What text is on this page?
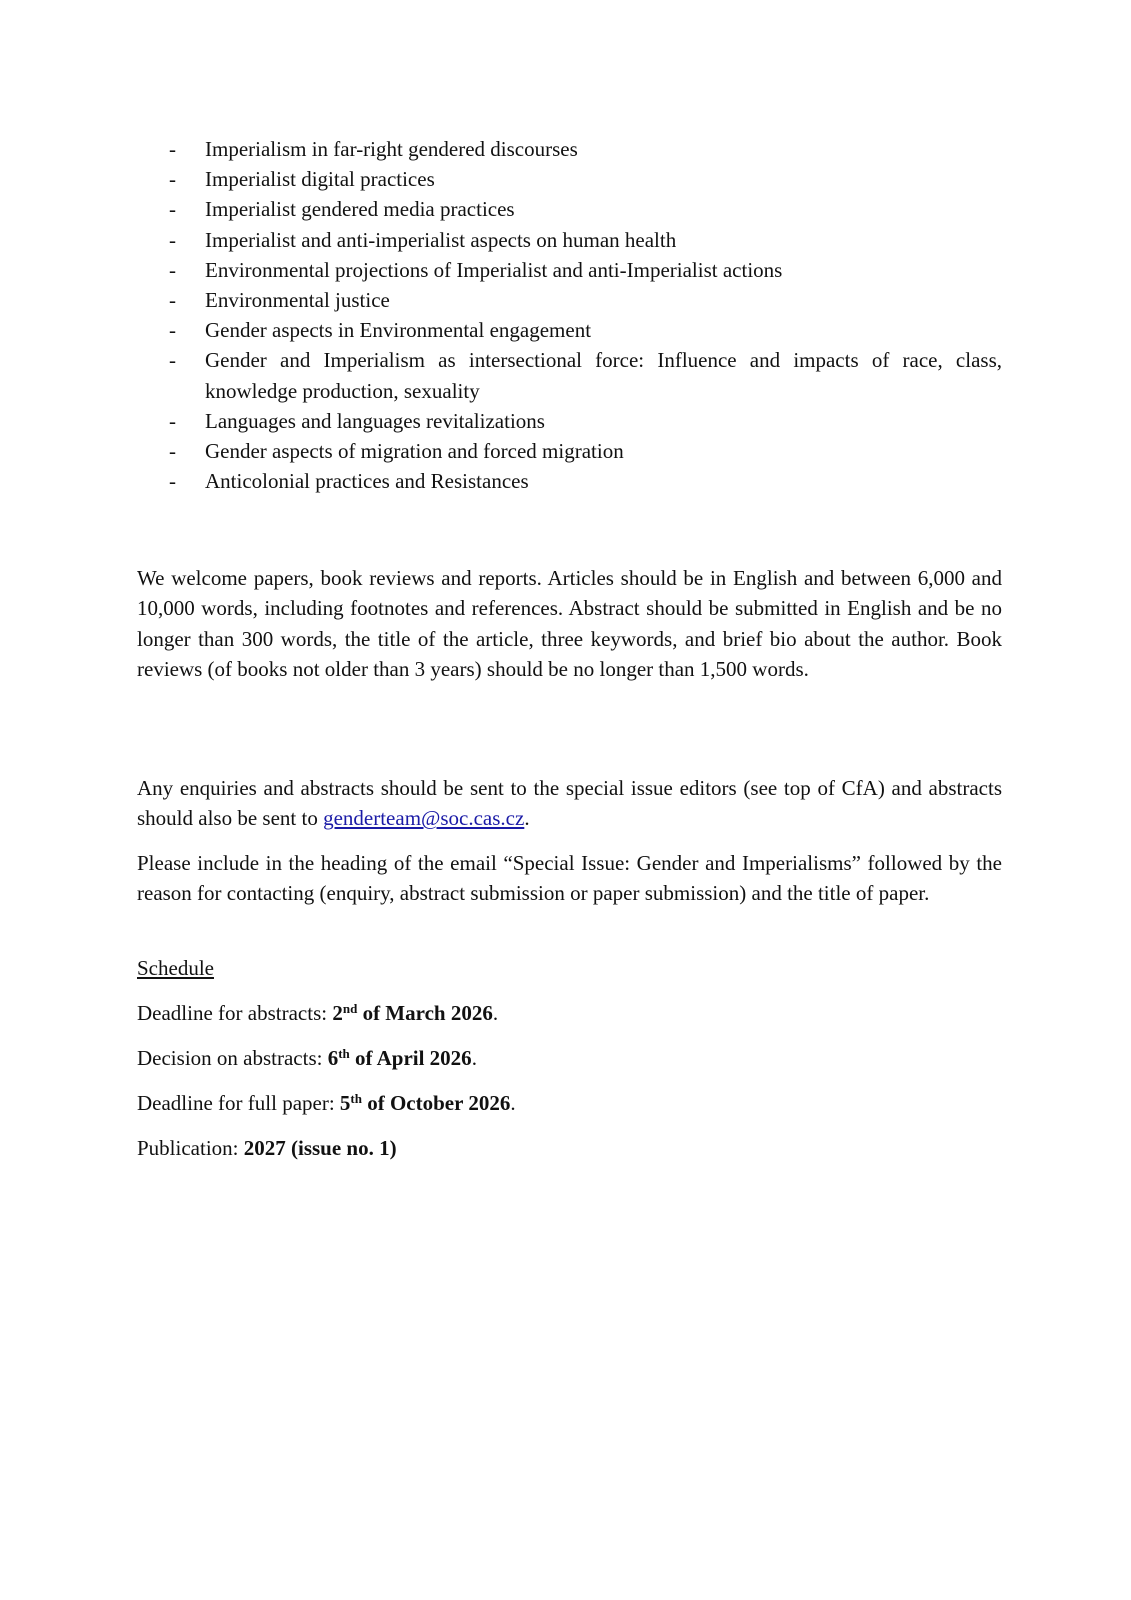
- Imperialism in far-right gendered discourses
- Imperialist digital practices
- Imperialist gendered media practices
- Imperialist and anti-imperialist aspects on human health
- Environmental projections of Imperialist and anti-Imperialist actions
- Environmental justice
- Gender aspects in Environmental engagement
- Gender and Imperialism as intersectional force: Influence and impacts of race, class, knowledge production, sexuality
- Languages and languages revitalizations
- Gender aspects of migration and forced migration
- Anticolonial practices and Resistances

We welcome papers, book reviews and reports. Articles should be in English and between 6,000 and 10,000 words, including footnotes and references. Abstract should be submitted in English and be no longer than 300 words, the title of the article, three keywords, and brief bio about the author. Book reviews (of books not older than 3 years) should be no longer than 1,500 words.

Any enquiries and abstracts should be sent to the special issue editors (see top of CfA) and abstracts should also be sent to genderteam@soc.cas.cz.

Please include in the heading of the email “Special Issue: Gender and Imperialisms” followed by the reason for contacting (enquiry, abstract submission or paper submission) and the title of paper.

Schedule

Deadline for abstracts: 2nd of March 2026.

Decision on abstracts: 6th of April 2026.

Deadline for full paper: 5th of October 2026.

Publication: 2027 (issue no. 1)
